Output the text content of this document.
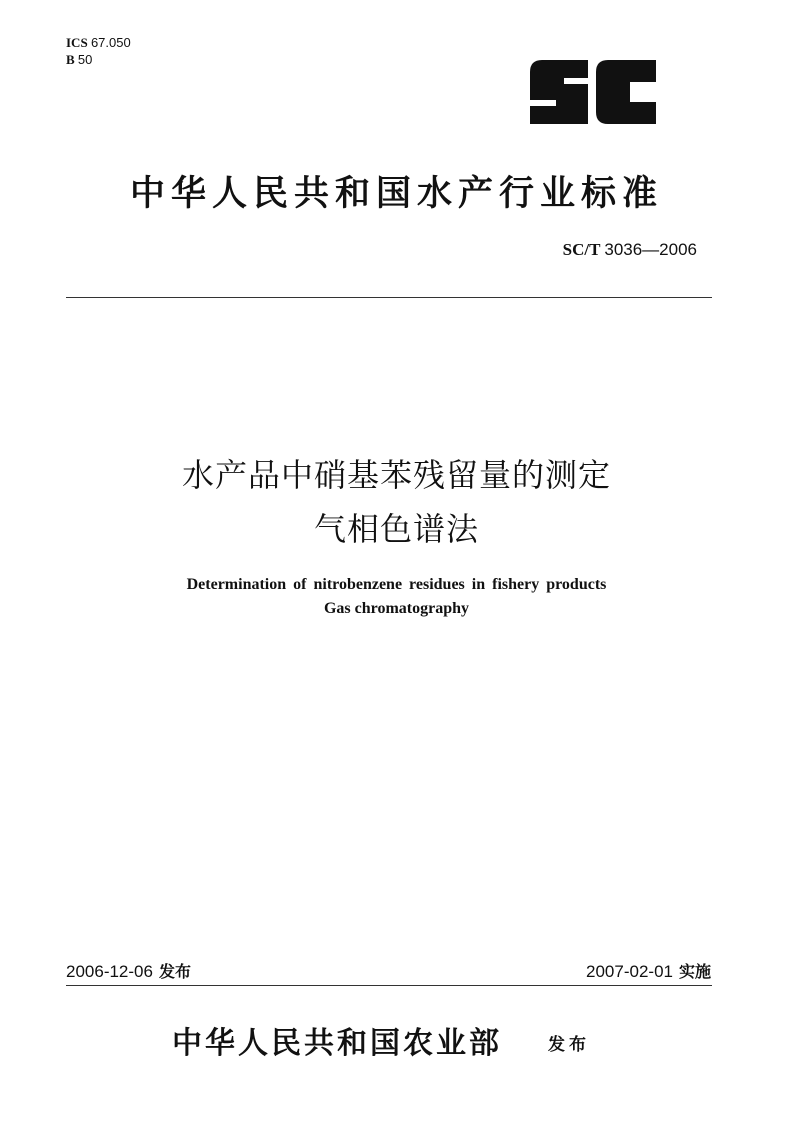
ICS 67.050
B 50	SC
中华人民共和国水产行业标准
SC/T 3036—2006
水产品中硝基苯残留量的测定
气相色谱法
Determination of nitrobenzene residues in fishery products
Gas chromatography
2006-12-06 发布	2007-02-01 实施
中华人民共和国农业部	发布
